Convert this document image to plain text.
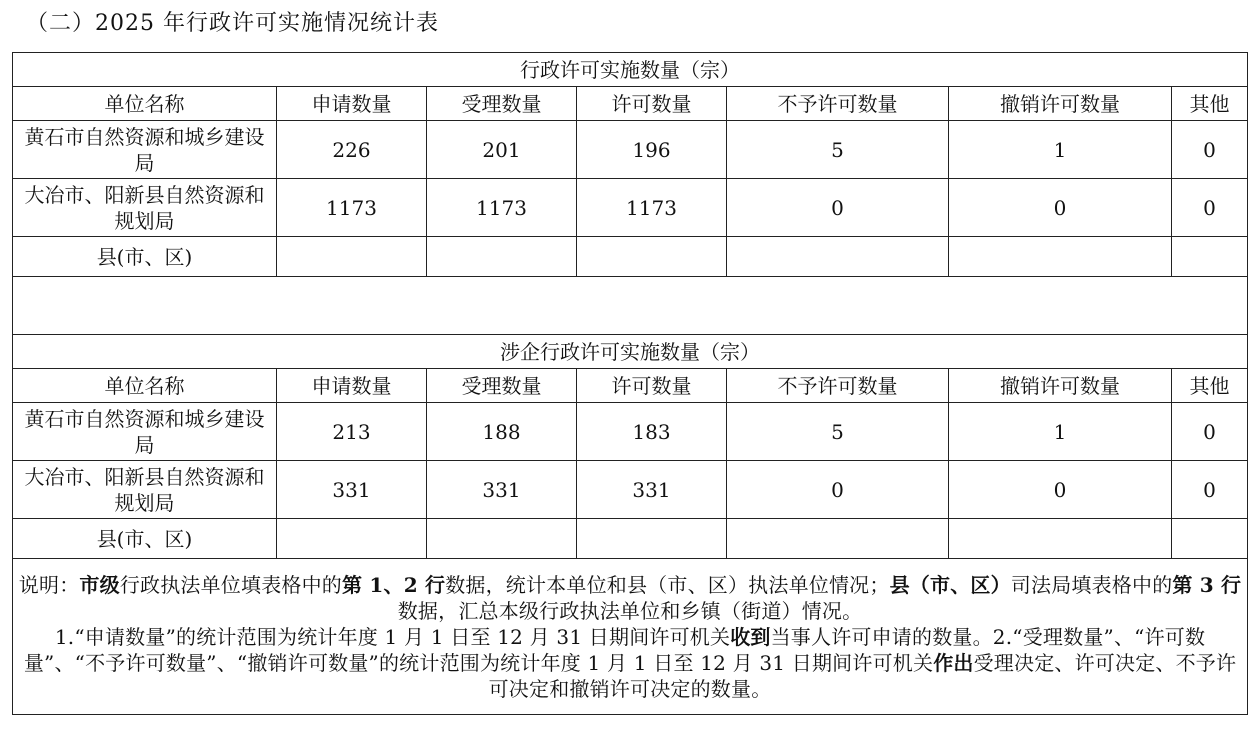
（二）2025 年行政许可实施情况统计表
行政许可实施数量（宗）						
单位名称	申请数量	受理数量	许可数量	不予许可数量	撤销许可数量	其他
黄石市自然资源和城乡建设局	226	201	196	5	1	0
大冶市、阳新县自然资源和规划局	1173	1173	1173	0	0	0
县(市、区)						

涉企行政许可实施数量（宗）						
单位名称	申请数量	受理数量	许可数量	不予许可数量	撤销许可数量	其他
黄石市自然资源和城乡建设局	213	188	183	5	1	0
大冶市、阳新县自然资源和规划局	331	331	331	0	0	0
县(市、区)						

说明：市级行政执法单位填表格中的第 1、2 行数据，统计本单位和县（市、区）执法单位情况；县（市、区）司法局填表格中的第 3 行数据，汇总本级行政执法单位和乡镇（街道）情况。

1.“申请数量”的统计范围为统计年度 1 月 1 日至 12 月 31 日期间许可机关收到当事人许可申请的数量。2.“受理数量”、“许可数量”、“不予许可数量”、“撤销许可数量”的统计范围为统计年度 1 月 1 日至 12 月 31 日期间许可机关作出受理决定、许可决定、不予许可决定和撤销许可决定的数量。						
